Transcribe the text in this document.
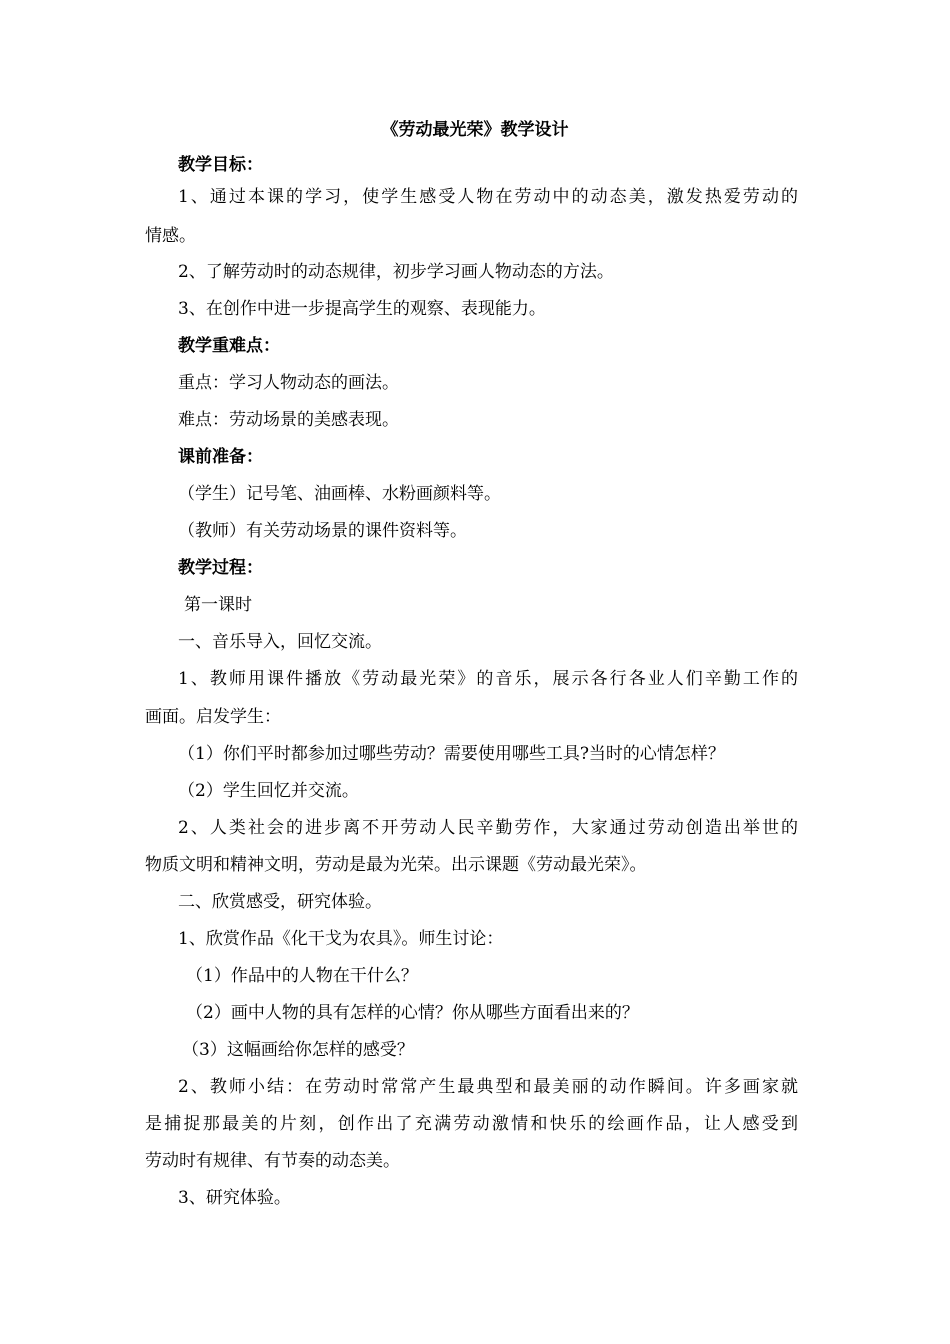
《劳动最光荣》教学设计
教学目标：
1、通过本课的学习，使学生感受人物在劳动中的动态美，激发热爱劳动的
情感。
2、了解劳动时的动态规律，初步学习画人物动态的方法。
3、在创作中进一步提高学生的观察、表现能力。
教学重难点：
重点：学习人物动态的画法。
难点：劳动场景的美感表现。
课前准备：
（学生）记号笔、油画棒、水粉画颜料等。
（教师）有关劳动场景的课件资料等。
教学过程：
第一课时
一、音乐导入，回忆交流。
1、教师用课件播放《劳动最光荣》的音乐，展示各行各业人们辛勤工作的
画面。启发学生：
（1）你们平时都参加过哪些劳动？需要使用哪些工具?当时的心情怎样？
（2）学生回忆并交流。
2、人类社会的进步离不开劳动人民辛勤劳作，大家通过劳动创造出举世的
物质文明和精神文明，劳动是最为光荣。出示课题《劳动最光荣》。
二、欣赏感受，研究体验。
1、欣赏作品《化干戈为农具》。师生讨论：
（1）作品中的人物在干什么？
（2）画中人物的具有怎样的心情？你从哪些方面看出来的？
（3）这幅画给你怎样的感受？
2、教师小结：在劳动时常常产生最典型和最美丽的动作瞬间。许多画家就
是捕捉那最美的片刻，创作出了充满劳动激情和快乐的绘画作品，让人感受到
劳动时有规律、有节奏的动态美。
3、研究体验。
